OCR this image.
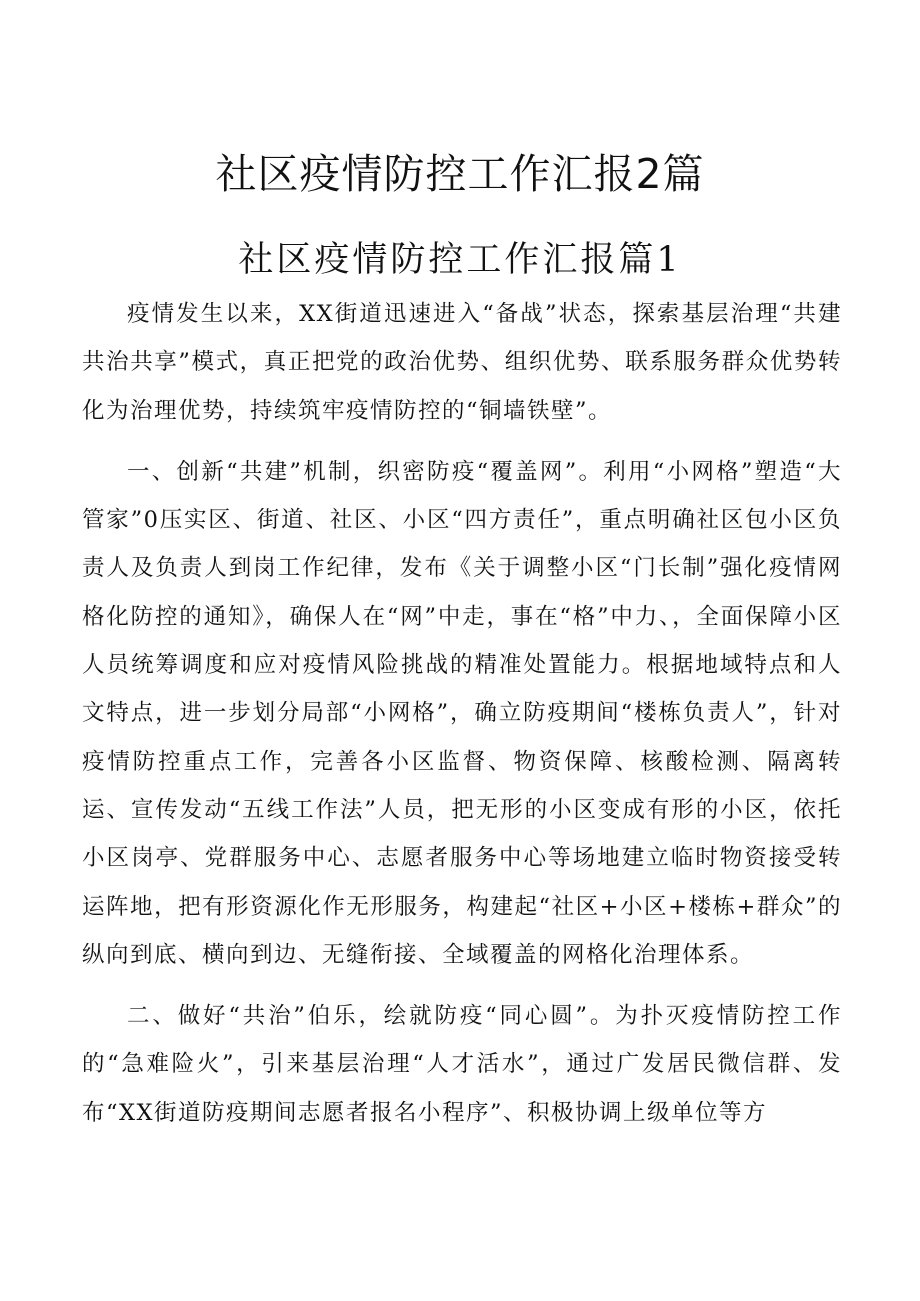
社区疫情防控工作汇报2篇
社区疫情防控工作汇报篇1

疫情发生以来，XX街道迅速进入“备战”状态，探索基层治理“共建共治共享”模式，真正把党的政治优势、组织优势、联系服务群众优势转化为治理优势，持续筑牢疫情防控的“铜墙铁壁”。

一、创新“共建”机制，织密防疫“覆盖网”。利用“小网格”塑造“大管家”0压实区、街道、社区、小区“四方责任”，重点明确社区包小区负责人及负责人到岗工作纪律，发布《关于调整小区“门长制”强化疫情网格化防控的通知》，确保人在“网”中走，事在“格”中力、，全面保障小区人员统筹调度和应对疫情风险挑战的精准处置能力。根据地域特点和人文特点，进一步划分局部“小网格”，确立防疫期间“楼栋负责人”，针对疫情防控重点工作，完善各小区监督、物资保障、核酸检测、隔离转运、宣传发动“五线工作法”人员，把无形的小区变成有形的小区，依托小区岗亭、党群服务中心、志愿者服务中心等场地建立临时物资接受转运阵地，把有形资源化作无形服务，构建起“社区+小区+楼栋+群众”的纵向到底、横向到边、无缝衔接、全域覆盖的网格化治理体系。

二、做好“共治”伯乐，绘就防疫“同心圆”。为扑灭疫情防控工作的“急难险火”，引来基层治理“人才活水”，通过广发居民微信群、发布“XX街道防疫期间志愿者报名小程序”、积极协调上级单位等方
